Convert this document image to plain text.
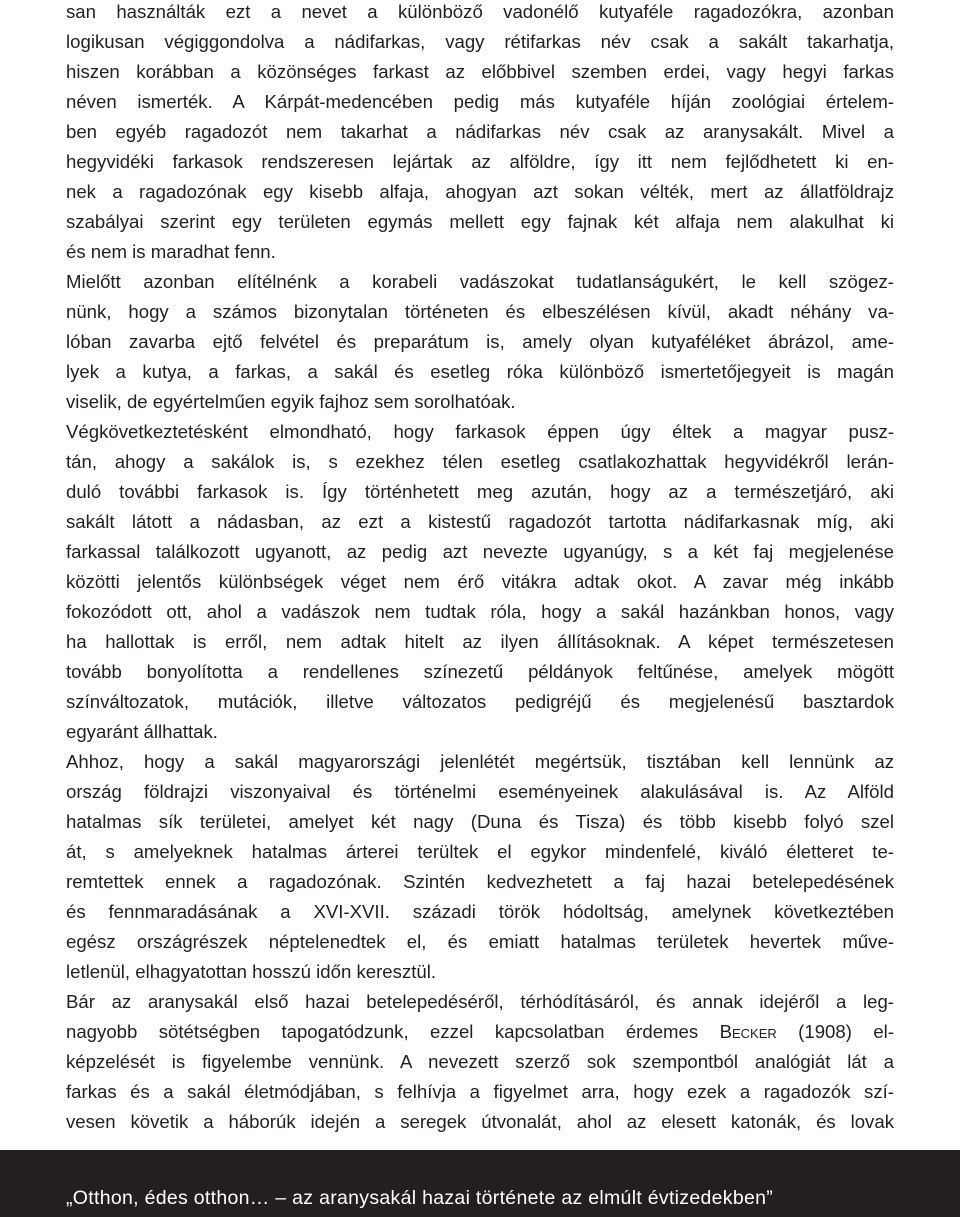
san használták ezt a nevet a különböző vadonélő kutyaféle ragadozókra, azonban
logikusan végiggondolva a nádifarkas, vagy rétifarkas név csak a sakált takarhatja,
hiszen korábban a közönséges farkast az előbbivel szemben erdei, vagy hegyi farkas
néven ismerték. A Kárpát-medencében pedig más kutyaféle híján zoológiai értelem-
ben egyéb ragadozót nem takarhat a nádifarkas név csak az aranysakált. Mivel a
hegyvidéki farkasok rendszeresen lejártak az alföldre, így itt nem fejlődhetett ki en-
nek a ragadozónak egy kisebb alfaja, ahogyan azt sokan vélték, mert az állatföldrajz
szabályai szerint egy területen egymás mellett egy fajnak két alfaja nem alakulhat ki
és nem is maradhat fenn.
Mielőtt azonban elítélnénk a korabeli vadászokat tudatlanságukért, le kell szögez-
nünk, hogy a számos bizonytalan történeten és elbeszélésen kívül, akadt néhány va-
lóban zavarba ejtő felvétel és preparátum is, amely olyan kutyaféléket ábrázol, ame-
lyek a kutya, a farkas, a sakál és esetleg róka különböző ismertetőjegyeit is magán
viselik, de egyértelműen egyik fajhoz sem sorolhatóak.
Végkövetkeztetésként elmondható, hogy farkasok éppen úgy éltek a magyar pusz-
tán, ahogy a sakálok is, s ezekhez télen esetleg csatlakozhattak hegyvidékről lerán-
duló további farkasok is. Így történhetett meg azután, hogy az a természetjáró, aki
sakált látott a nádasban, az ezt a kistestű ragadozót tartotta nádifarkasnak míg, aki
farkassal találkozott ugyanott, az pedig azt nevezte ugyanúgy, s a két faj megjelenése
közötti jelentős különbségek véget nem érő vitákra adtak okot. A zavar még inkább
fokozódott ott, ahol a vadászok nem tudtak róla, hogy a sakál hazánkban honos, vagy
ha hallottak is erről, nem adtak hitelt az ilyen állításoknak. A képet természetesen
tovább bonyolította a rendellenes színezetű példányok feltűnése, amelyek mögött
színváltozatok, mutációk, illetve változatos pedigréjű és megjelenésű basztardok
egyaránt állhattak.
Ahhoz, hogy a sakál magyarországi jelenlétét megértsük, tisztában kell lennünk az
ország földrajzi viszonyaival és történelmi eseményeinek alakulásával is. Az Alföld
hatalmas sík területei, amelyet két nagy (Duna és Tisza) és több kisebb folyó szel
át, s amelyeknek hatalmas árterei terültek el egykor mindenfelé, kiváló életteret te-
remtettek ennek a ragadozónak. Szintén kedvezhetett a faj hazai betelepedésének
és fennmaradásának a XVI-XVII. századi török hódoltság, amelynek következtében
egész országrészek néptelenedtek el, és emiatt hatalmas területek hevertek műve-
letlenül, elhagyatottan hosszú időn keresztül.
Bár az aranysakál első hazai betelepedéséről, térhódításáról, és annak idejéről a leg-
nagyobb sötétségben tapogatódzunk, ezzel kapcsolatban érdemes Becker (1908) el-
képzelését is figyelembe vennünk. A nevezett szerző sok szempontból analógiát lát a
farkas és a sakál életmódjában, s felhívja a figyelmet arra, hogy ezek a ragadozók szí-
vesen követik a háborúk idején a seregek útvonalát, ahol az elesett katonák, és lovak
„Otthon, édes otthon… – az aranysakál hazai története az elmúlt évtizedekben”
